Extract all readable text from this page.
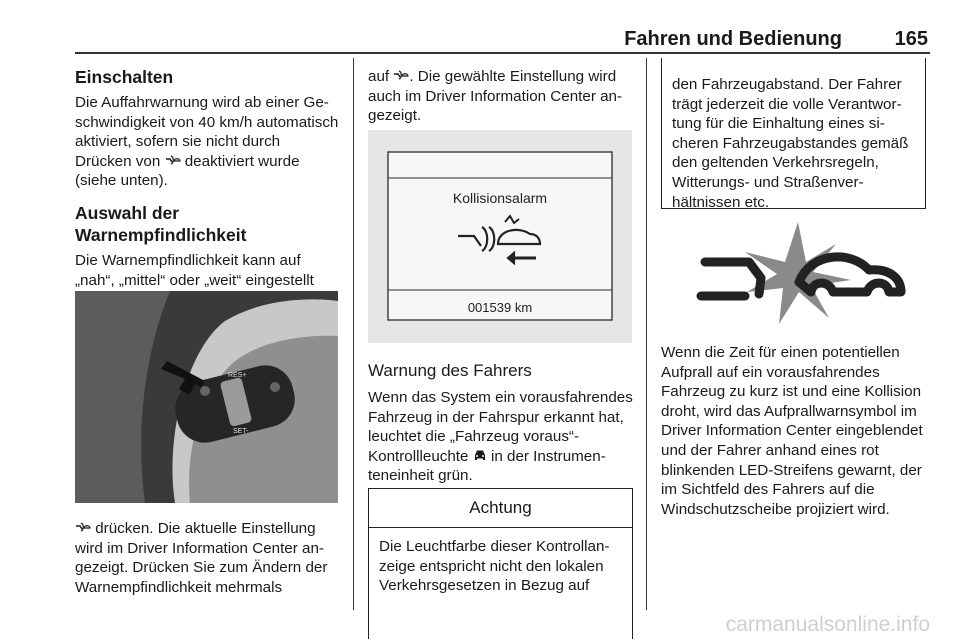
Fahren und Bedienung	165

Einschalten

Die Auffahrwarnung wird ab einer Geschwindigkeit von 40 km/h automatisch aktiviert, sofern sie nicht durch Drücken von deaktiviert wurde (siehe unten).

Auswahl der Warnempfindlichkeit

Die Warnempfindlichkeit kann auf „nah“, „mittel“ oder „weit“ eingestellt

RES+
SET-

drücken. Die aktuelle Einstellung wird im Driver Information Center angezeigt. Drücken Sie zum Ändern der Warnempfindlichkeit mehrmals

auf . Die gewählte Einstellung wird auch im Driver Information Center angezeigt.

Kollisionsalarm
001539 km

Warnung des Fahrers

Wenn das System ein vorausfahrendes Fahrzeug in der Fahrspur erkannt hat, leuchtet die „Fahrzeug voraus“-Kontrollleuchte in der Instrumenteneinheit grün.

Achtung
Die Leuchtfarbe dieser Kontrollanzeige entspricht nicht den lokalen Verkehrsgesetzen in Bezug auf
den Fahrzeugabstand. Der Fahrer trägt jederzeit die volle Verantwortung für die Einhaltung eines sicheren Fahrzeugabstandes gemäß den geltenden Verkehrsregeln, Witterungs- und Straßenverhältnissen etc.

Wenn die Zeit für einen potentiellen Aufprall auf ein vorausfahrendes Fahrzeug zu kurz ist und eine Kollision droht, wird das Aufprallwarnsymbol im Driver Information Center eingeblendet und der Fahrer anhand eines rot blinkenden LED-Streifens gewarnt, der im Sichtfeld des Fahrers auf die Windschutzscheibe projiziert wird.

carmanualsonline.info
